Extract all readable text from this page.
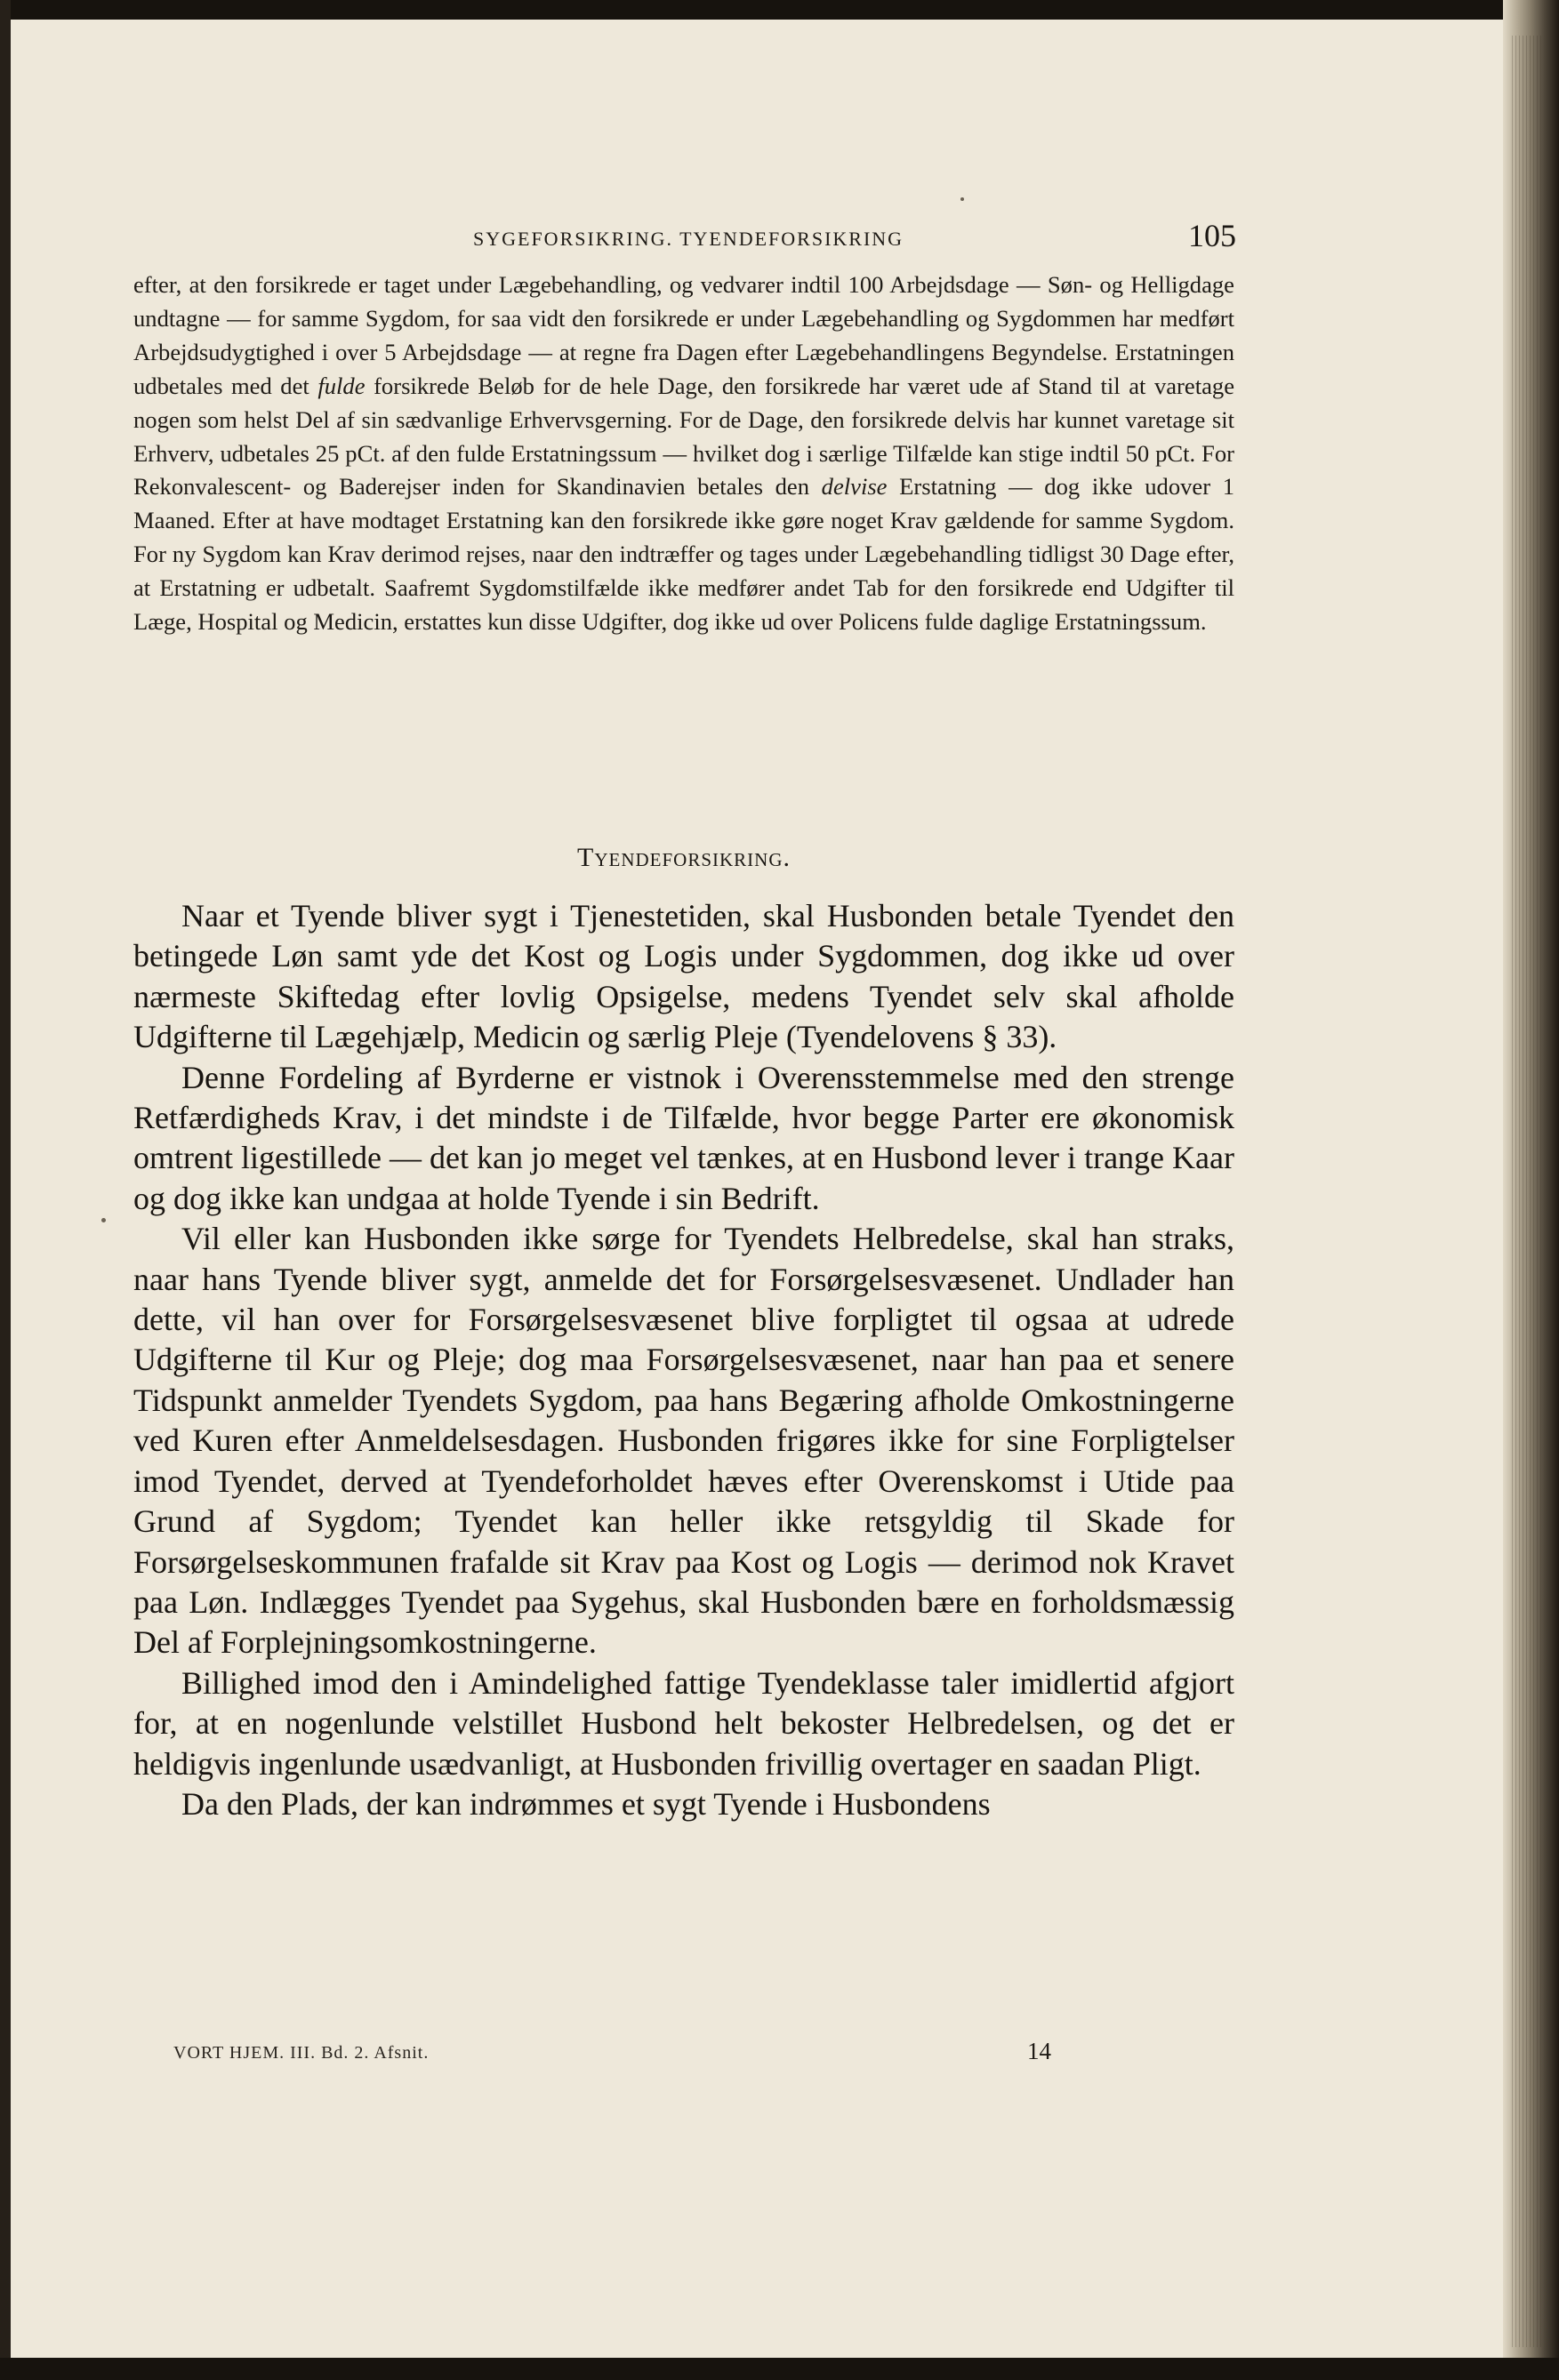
SYGEFORSIKRING. TYENDEFORSIKRING	105

efter, at den forsikrede er taget under Lægebehandling, og vedvarer indtil 100 Arbejdsdage — Søn- og Helligdage undtagne — for samme Sygdom, for saa vidt den forsikrede er under Lægebehandling og Sygdommen har medført Arbejdsudygtighed i over 5 Arbejdsdage — at regne fra Dagen efter Lægebehandlingens Begyndelse. Erstatningen udbetales med det fulde forsikrede Beløb for de hele Dage, den forsikrede har været ude af Stand til at varetage nogen som helst Del af sin sædvanlige Erhvervsgerning. For de Dage, den forsikrede delvis har kunnet varetage sit Erhverv, udbetales 25 pCt. af den fulde Erstatningssum — hvilket dog i særlige Tilfælde kan stige indtil 50 pCt. For Rekonvalescent- og Baderejser inden for Skandinavien betales den delvise Erstatning — dog ikke udover 1 Maaned. Efter at have modtaget Erstatning kan den forsikrede ikke gøre noget Krav gældende for samme Sygdom. For ny Sygdom kan Krav derimod rejses, naar den indtræffer og tages under Lægebehandling tidligst 30 Dage efter, at Erstatning er udbetalt. Saafremt Sygdomstilfælde ikke medfører andet Tab for den forsikrede end Udgifter til Læge, Hospital og Medicin, erstattes kun disse Udgifter, dog ikke ud over Policens fulde daglige Erstatningssum.

Tyendeforsikring.

Naar et Tyende bliver sygt i Tjenestetiden, skal Husbonden betale Tyendet den betingede Løn samt yde det Kost og Logis under Sygdommen, dog ikke ud over nærmeste Skiftedag efter lovlig Opsigelse, medens Tyendet selv skal afholde Udgifterne til Lægehjælp, Medicin og særlig Pleje (Tyendelovens § 33).

Denne Fordeling af Byrderne er vistnok i Overensstemmelse med den strenge Retfærdigheds Krav, i det mindste i de Tilfælde, hvor begge Parter ere økonomisk omtrent ligestillede — det kan jo meget vel tænkes, at en Husbond lever i trange Kaar og dog ikke kan undgaa at holde Tyende i sin Bedrift.

Vil eller kan Husbonden ikke sørge for Tyendets Helbredelse, skal han straks, naar hans Tyende bliver sygt, anmelde det for Forsørgelsesvæsenet. Undlader han dette, vil han over for Forsørgelsesvæsenet blive forpligtet til ogsaa at udrede Udgifterne til Kur og Pleje; dog maa Forsørgelsesvæsenet, naar han paa et senere Tidspunkt anmelder Tyendets Sygdom, paa hans Begæring afholde Omkostningerne ved Kuren efter Anmeldelsesdagen. Husbonden frigøres ikke for sine Forpligtelser imod Tyendet, derved at Tyendeforholdet hæves efter Overenskomst i Utide paa Grund af Sygdom; Tyendet kan heller ikke retsgyldig til Skade for Forsørgelseskommunen frafalde sit Krav paa Kost og Logis — derimod nok Kravet paa Løn. Indlægges Tyendet paa Sygehus, skal Husbonden bære en forholdsmæssig Del af Forplejningsomkostningerne.

Billighed imod den i Amindelighed fattige Tyendeklasse taler imidlertid afgjort for, at en nogenlunde velstillet Husbond helt bekoster Helbredelsen, og det er heldigvis ingenlunde usædvanligt, at Husbonden frivillig overtager en saadan Pligt.

Da den Plads, der kan indrømmes et sygt Tyende i Husbondens

VORT HJEM. III. Bd. 2. Afsnit.	14
